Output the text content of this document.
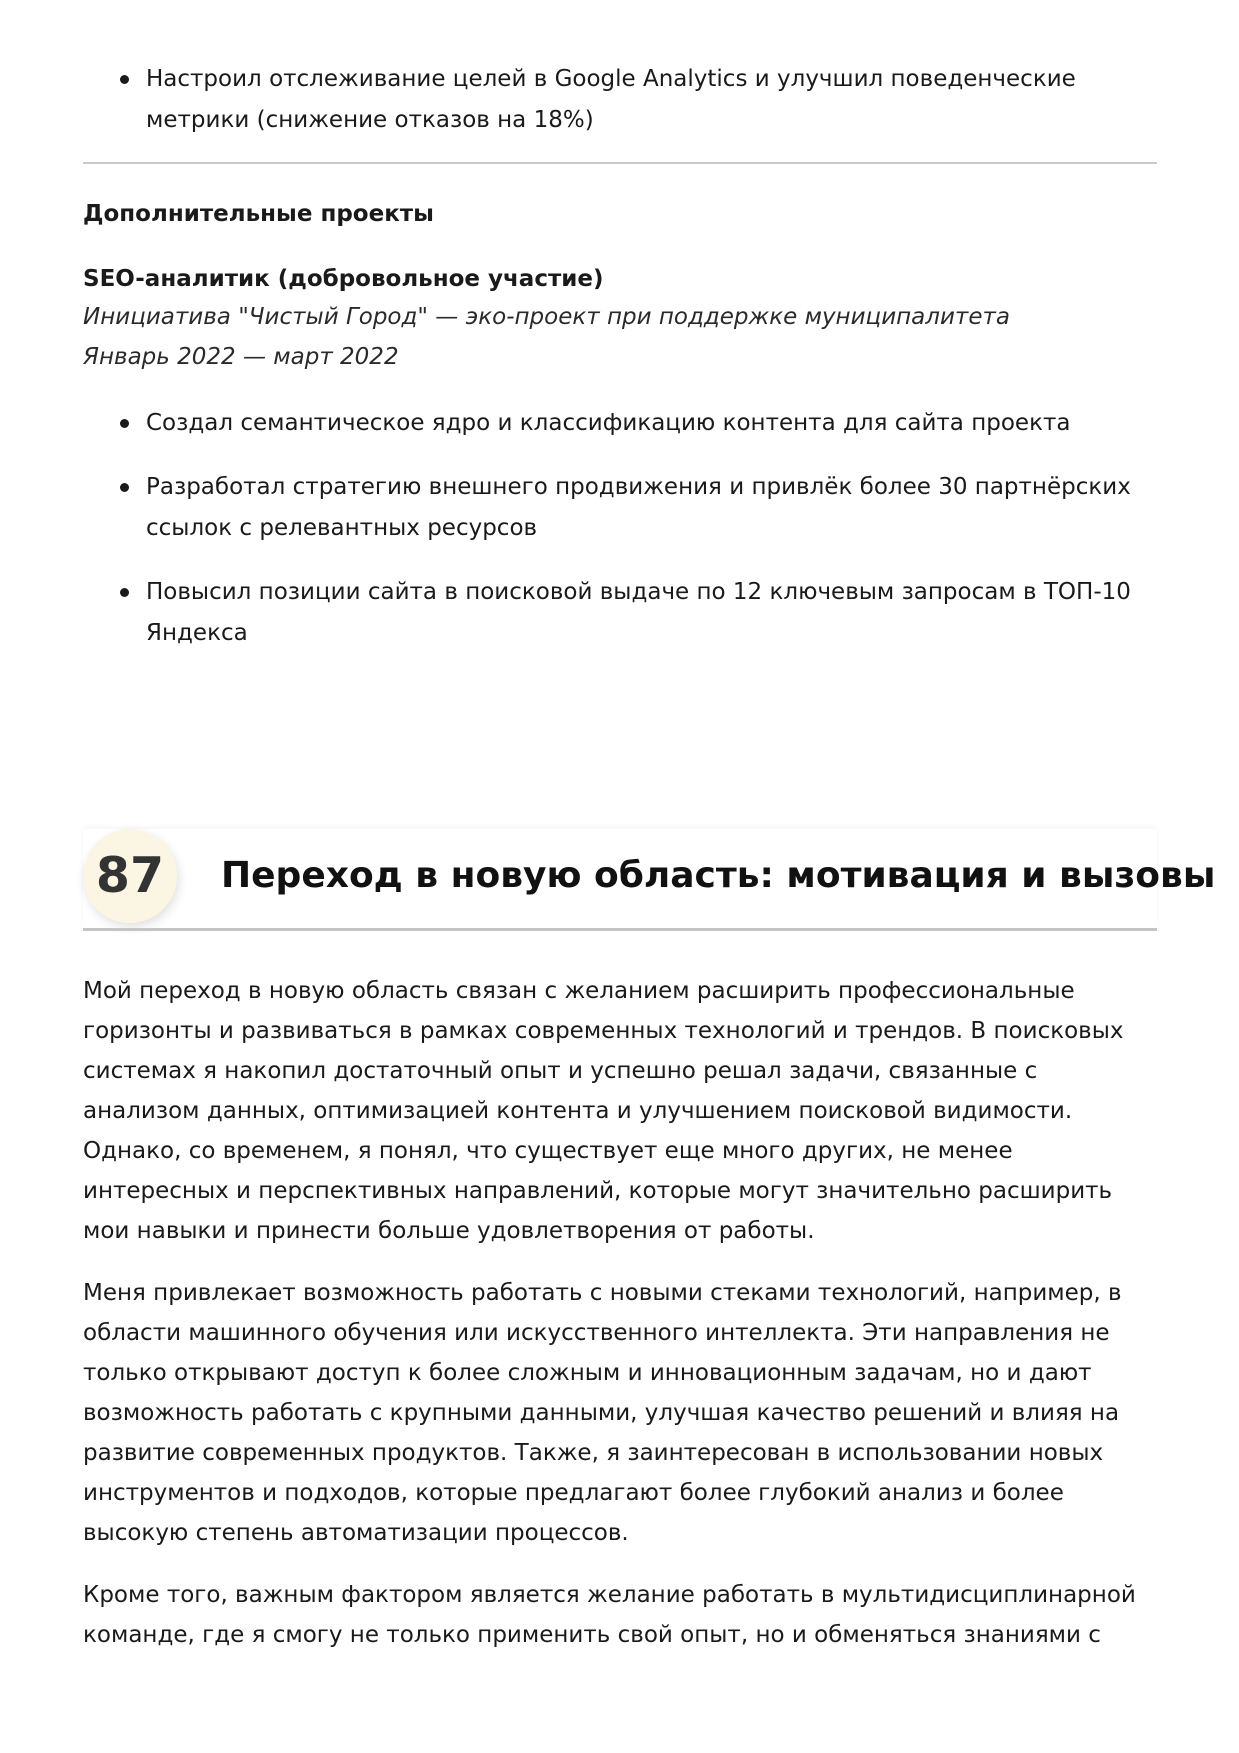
Настроил отслеживание целей в Google Analytics и улучшил поведенческие метрики (снижение отказов на 18%)
Дополнительные проекты
SEO-аналитик (добровольное участие)
Инициатива "Чистый Город" — эко-проект при поддержке муниципалитета
Январь 2022 — март 2022
Создал семантическое ядро и классификацию контента для сайта проекта
Разработал стратегию внешнего продвижения и привлёк более 30 партнёрских ссылок с релевантных ресурсов
Повысил позиции сайта в поисковой выдаче по 12 ключевым запросам в ТОП-10 Яндекса
87	Переход в новую область: мотивация и вызовы

Мой переход в новую область связан с желанием расширить профессиональные горизонты и развиваться в рамках современных технологий и трендов. В поисковых системах я накопил достаточный опыт и успешно решал задачи, связанные с анализом данных, оптимизацией контента и улучшением поисковой видимости. Однако, со временем, я понял, что существует еще много других, не менее интересных и перспективных направлений, которые могут значительно расширить мои навыки и принести больше удовлетворения от работы.

Меня привлекает возможность работать с новыми стеками технологий, например, в области машинного обучения или искусственного интеллекта. Эти направления не только открывают доступ к более сложным и инновационным задачам, но и дают возможность работать с крупными данными, улучшая качество решений и влияя на развитие современных продуктов. Также, я заинтересован в использовании новых инструментов и подходов, которые предлагают более глубокий анализ и более высокую степень автоматизации процессов.

Кроме того, важным фактором является желание работать в мультидисциплинарной команде, где я смогу не только применить свой опыт, но и обменяться знаниями с
